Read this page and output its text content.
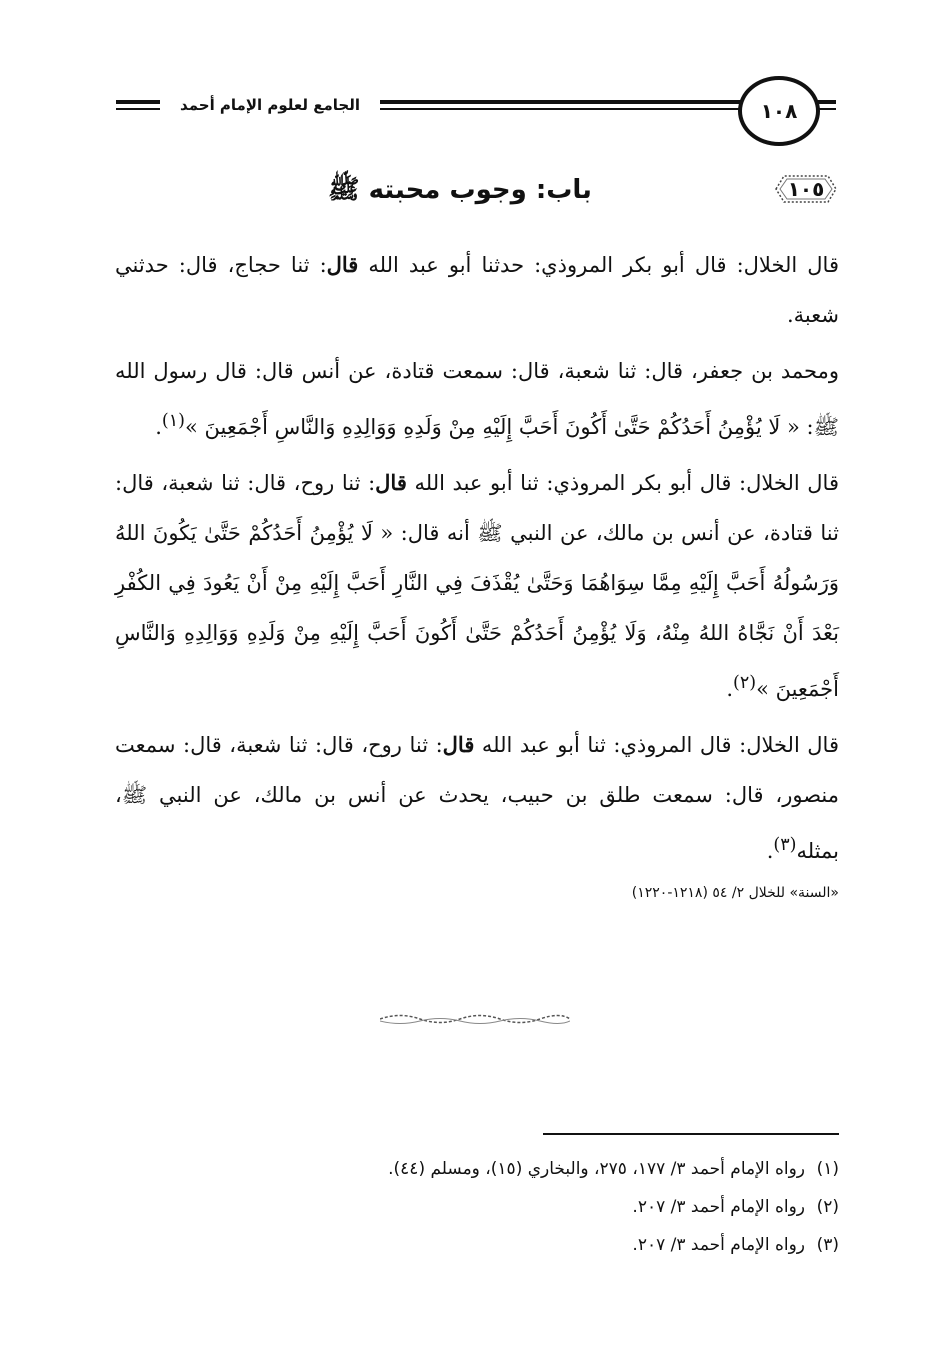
الجامع لعلوم الإمام أحمد	١٠٨
١٠٥
باب: وجوب محبته ﷺ

قال الخلال: قال أبو بكر المروذي: حدثنا أبو عبد الله قال: ثنا حجاج، قال: حدثني شعبة.

ومحمد بن جعفر، قال: ثنا شعبة، قال: سمعت قتادة، عن أنس قال: قال رسول الله ﷺ: « لَا يُؤْمِنُ أَحَدُكُمْ حَتَّىٰ أَكُونَ أَحَبَّ إِلَيْهِ مِنْ وَلَدِهِ وَوَالِدِهِ وَالنَّاسِ أَجْمَعِينَ »$^{(١)}$.

قال الخلال: قال أبو بكر المروذي: ثنا أبو عبد الله قال: ثنا روح، قال: ثنا شعبة، قال: ثنا قتادة، عن أنس بن مالك، عن النبي ﷺ أنه قال: « لَا يُؤْمِنُ أَحَدُكُمْ حَتَّىٰ يَكُونَ اللهُ وَرَسُولُهُ أَحَبَّ إِلَيْهِ مِمَّا سِوَاهُمَا وَحَتَّىٰ يُقْذَفَ فِي النَّارِ أَحَبَّ إِلَيْهِ مِنْ أَنْ يَعُودَ فِي الكُفْرِ بَعْدَ أَنْ نَجَّاهُ اللهُ مِنْهُ، وَلَا يُؤْمِنُ أَحَدُكُمْ حَتَّىٰ أَكُونَ أَحَبَّ إِلَيْهِ مِنْ وَلَدِهِ وَوَالِدِهِ وَالنَّاسِ أَجْمَعِينَ »$^{(٢)}$.

قال الخلال: قال المروذي: ثنا أبو عبد الله قال: ثنا روح، قال: ثنا شعبة، قال: سمعت منصور، قال: سمعت طلق بن حبيب، يحدث عن أنس بن مالك، عن النبي ﷺ، بمثله$^{(٣)}$.

«السنة» للخلال ٢/ ٥٤ (١٢١٨-١٢٢٠)
(١)رواه الإمام أحمد ٣/ ١٧٧، ٢٧٥، والبخاري (١٥)، ومسلم (٤٤).
(٢)رواه الإمام أحمد ٣/ ٢٠٧.
(٣)رواه الإمام أحمد ٣/ ٢٠٧.
